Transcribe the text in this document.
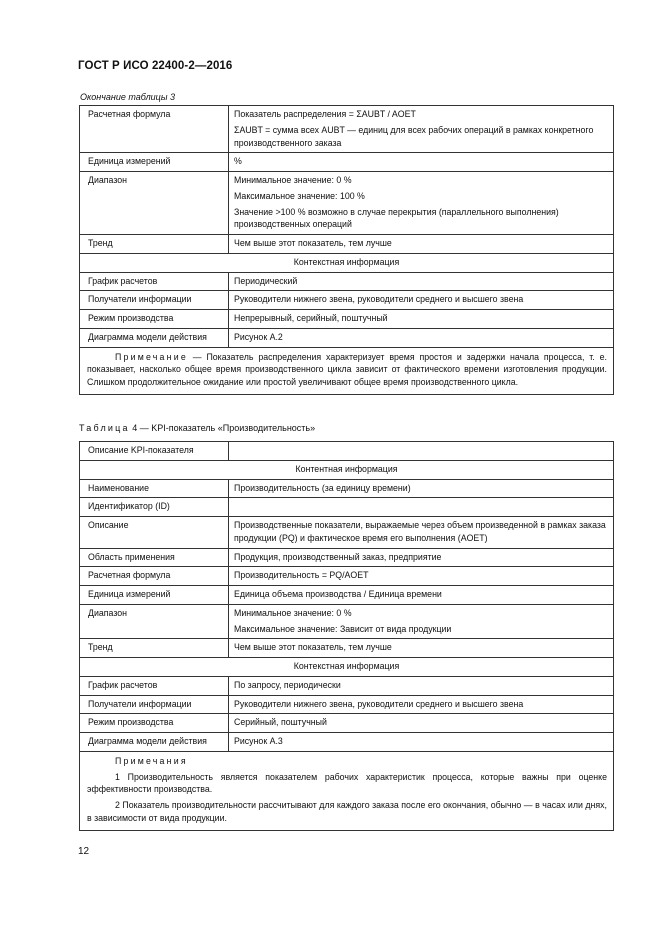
ГОСТ Р ИСО 22400-2—2016
Окончание таблицы 3
Расчетная формула	Показатель распределения = ΣAUBT / AOET
ΣAUBT = сумма всех AUBT — единиц для всех рабочих операций в рамках конкретного производственного заказа

Единица измерений	%

Диапазон	Минимальное значение: 0 %
Максимальное значение: 100 %
Значение >100 % возможно в случае перекрытия (параллельного выполнения) производственных операций

Тренд	Чем выше этот показатель, тем лучше

Контекстная информация	
График расчетов	Периодический
Получатели информации	Руководители нижнего звена, руководители среднего и высшего звена
Режим производства	Непрерывный, серийный, поштучный
Диаграмма модели действия	Рисунок А.2

Примечание — Показатель распределения характеризует время простоя и задержки начала процесса, т. е. показывает, насколько общее время производственного цикла зависит от фактического времени изготовления продукции. Слишком продолжительное ожидание или простой увеличивают общее время производственного цикла.	
Таблица 4 — KPI-показатель «Производительность»
Описание KPI-показателя	
Контентная информация	
Наименование	Производительность (за единицу времени)

Идентификатор (ID)	

Описание	Производственные показатели, выражаемые через объем произведенной в рамках заказа продукции (PQ) и фактическое время его выполнения (AOET)

Область применения	Продукция, производственный заказ, предприятие

Расчетная формула	Производительность = PQ/AOET

Единица измерений	Единица объема производства / Единица времени

Диапазон	Минимальное значение: 0 %
Максимальное значение: Зависит от вида продукции

Тренд	Чем выше этот показатель, тем лучше

Контекстная информация	
График расчетов	По запросу, периодически
Получатели информации	Руководители нижнего звена, руководители среднего и высшего звена
Режим производства	Серийный, поштучный
Диаграмма модели действия	Рисунок А.3

Примечания
1 Производительность является показателем рабочих характеристик процесса, которые важны при оценке эффективности производства.
2 Показатель производительности рассчитывают для каждого заказа после его окончания, обычно — в часах или днях, в зависимости от вида продукции.	
12
